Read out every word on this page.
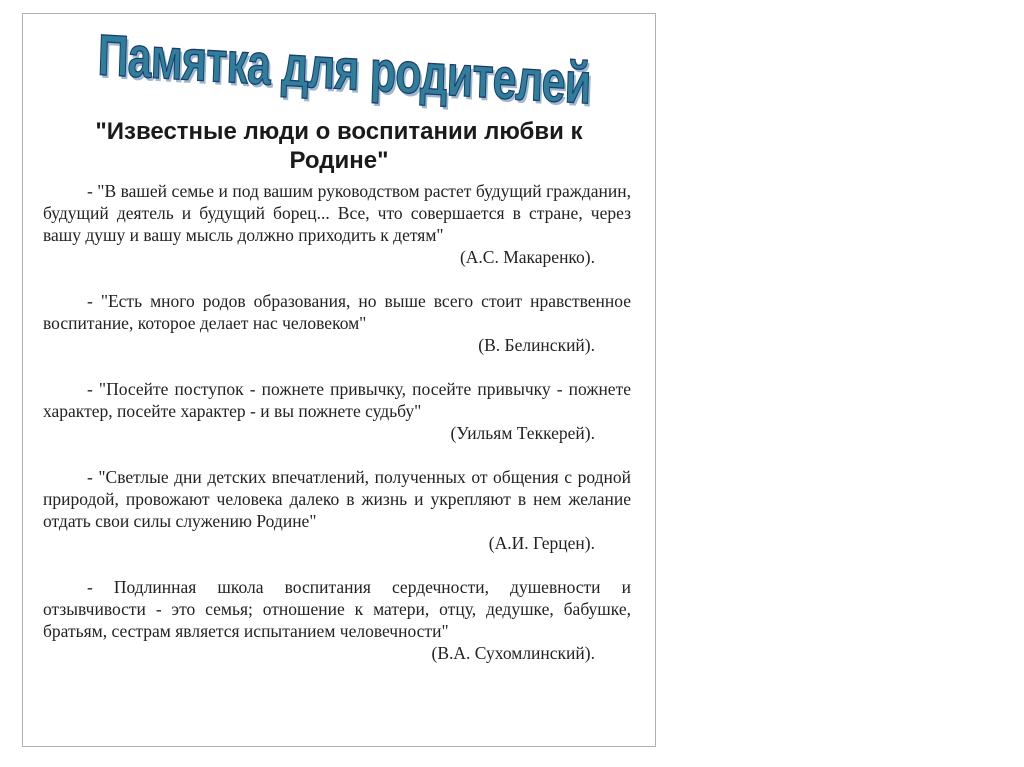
Памятка для родителей
"Известные люди о воспитании любви к Родине"

- "В вашей семье и под вашим руководством растет будущий гражданин, будущий деятель и будущий борец... Все, что совершается в стране, через вашу душу и вашу мысль должно приходить к детям"

(А.С. Макаренко).

- "Есть много родов образования, но выше всего стоит нравственное воспитание, которое делает нас человеком"

(В. Белинский).

- "Посейте поступок - пожнете привычку, посейте привычку - пожнете характер, посейте характер - и вы пожнете судьбу"

(Уильям Теккерей).

- "Светлые дни детских впечатлений, полученных от общения с родной природой, провожают человека далеко в жизнь и укрепляют в нем желание отдать свои силы служению Родине"

(А.И. Герцен).

- Подлинная школа воспитания сердечности, душевности и отзывчивости - это семья; отношение к матери, отцу, дедушке, бабушке, братьям, сестрам является испытанием человечности"

(В.А. Сухомлинский).
